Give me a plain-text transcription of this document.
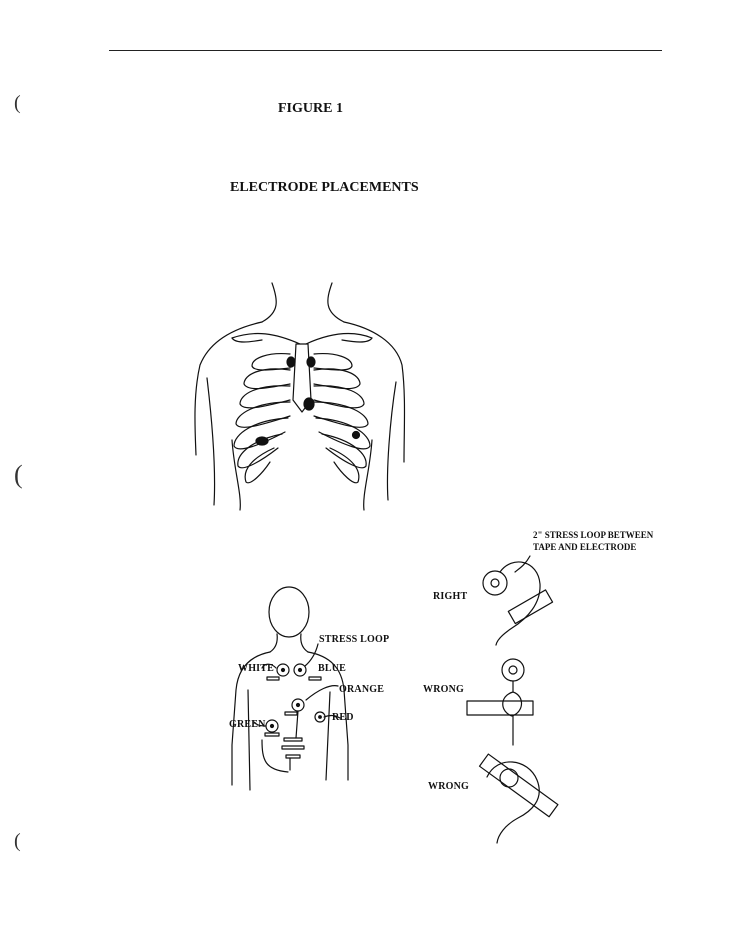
(
(
(
FIGURE 1
ELECTRODE PLACEMENTS
STRESS LOOP
WHITE	BLUE
ORANGE
RED
GREEN
2" STRESS LOOP BETWEEN
TAPE AND ELECTRODE
RIGHT
WRONG
WRONG
